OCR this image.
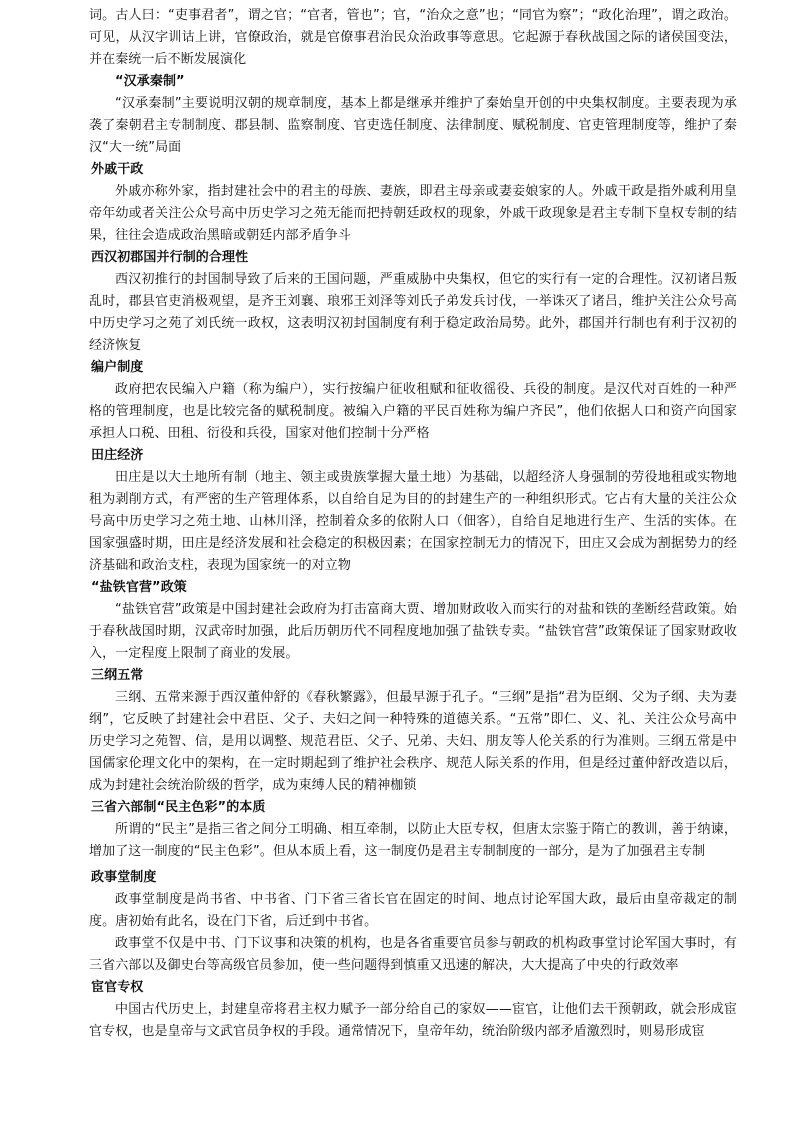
词。古人曰：“吏事君者”，谓之官；“官者，管也”；官，“治众之意”也；“同官为察”；“政化治理”，谓之政治。可见，从汉字训诂上讲，官僚政治，就是官僚事君治民众治政事等意思。它起源于春秋战国之际的诸侯国变法，并在秦统一后不断发展演化

“汉承秦制”

“汉承秦制”主要说明汉朝的规章制度，基本上都是继承并维护了秦始皇开创的中央集权制度。主要表现为承袭了秦朝君主专制制度、郡县制、监察制度、官吏选任制度、法律制度、赋税制度、官吏管理制度等，维护了秦汉“大一统”局面

外戚干政

外戚亦称外家，指封建社会中的君主的母族、妻族，即君主母亲或妻妾娘家的人。外戚干政是指外戚利用皇帝年幼或者关注公众号高中历史学习之苑无能而把持朝廷政权的现象，外戚干政现象是君主专制下皇权专制的结果，往往会造成政治黑暗或朝廷内部矛盾争斗

西汉初郡国并行制的合理性

西汉初推行的封国制导致了后来的王国问题，严重威胁中央集权，但它的实行有一定的合理性。汉初诸吕叛乱时，郡县官吏消极观望，是齐王刘襄、琅邪王刘泽等刘氏子弟发兵讨伐，一举诛灭了诸吕，维护关注公众号高中历史学习之苑了刘氏统一政权，这表明汉初封国制度有利于稳定政治局势。此外，郡国并行制也有利于汉初的经济恢复

编户制度

政府把农民编入户籍（称为编户），实行按编户征收租赋和征收徭役、兵役的制度。是汉代对百姓的一种严格的管理制度，也是比较完备的赋税制度。被编入户籍的平民百姓称为编户齐民”，他们依据人口和资产向国家承担人口税、田租、衍役和兵役，国家对他们控制十分严格

田庄经济

田庄是以大土地所有制（地主、领主或贵族掌握大量土地）为基础，以超经济人身强制的劳役地租或实物地租为剥削方式，有严密的生产管理体系，以自给自足为目的的封建生产的一种组织形式。它占有大量的关注公众号高中历史学习之苑土地、山林川泽，控制着众多的依附人口（佃客），自给自足地进行生产、生活的实体。在国家强盛时期，田庄是经济发展和社会稳定的积极因素；在国家控制无力的情况下，田庄又会成为割据势力的经济基础和政治支柱，表现为国家统一的对立物

“盐铁官营”政策

“盐铁官营”政策是中国封建社会政府为打击富商大贾、增加财政收入而实行的对盐和铁的垄断经营政策。始于春秋战国时期，汉武帝时加强，此后历朝历代不同程度地加强了盐铁专卖。“盐铁官营”政策保证了国家财政收入，一定程度上限制了商业的发展。

三纲五常

三纲、五常来源于西汉董仲舒的《春秋繁露》，但最早源于孔子。“三纲”是指“君为臣纲、父为子纲、夫为妻纲”，它反映了封建社会中君臣、父子、夫妇之间一种特殊的道德关系。“五常”即仁、义、礼、关注公众号高中历史学习之苑智、信，是用以调整、规范君臣、父子、兄弟、夫妇、朋友等人伦关系的行为准则。三纲五常是中国儒家伦理文化中的架构，在一定时期起到了维护社会秩序、规范人际关系的作用，但是经过董仲舒改造以后，成为封建社会统治阶级的哲学，成为束缚人民的精神枷锁

三省六部制“民主色彩”的本质

所谓的“民主”是指三省之间分工明确、相互牵制，以防止大臣专权，但唐太宗鉴于隋亡的教训，善于纳谏，增加了这一制度的“民主色彩”。但从本质上看，这一制度仍是君主专制制度的一部分，是为了加强君主专制

政事堂制度

政事堂制度是尚书省、中书省、门下省三省长官在固定的时间、地点讨论军国大政，最后由皇帝裁定的制度。唐初始有此名，设在门下省，后迁到中书省。

政事堂不仅是中书、门下议事和决策的机构，也是各省重要官员参与朝政的机构政事堂讨论军国大事时，有三省六部以及御史台等高级官员参加，使一些问题得到慎重又迅速的解决，大大提高了中央的行政效率

宦官专权

中国古代历史上，封建皇帝将君主权力赋予一部分给自己的家奴——宦官，让他们去干预朝政，就会形成宦官专权，也是皇帝与文武官员争权的手段。通常情况下，皇帝年幼，统治阶级内部矛盾激烈时，则易形成宦
